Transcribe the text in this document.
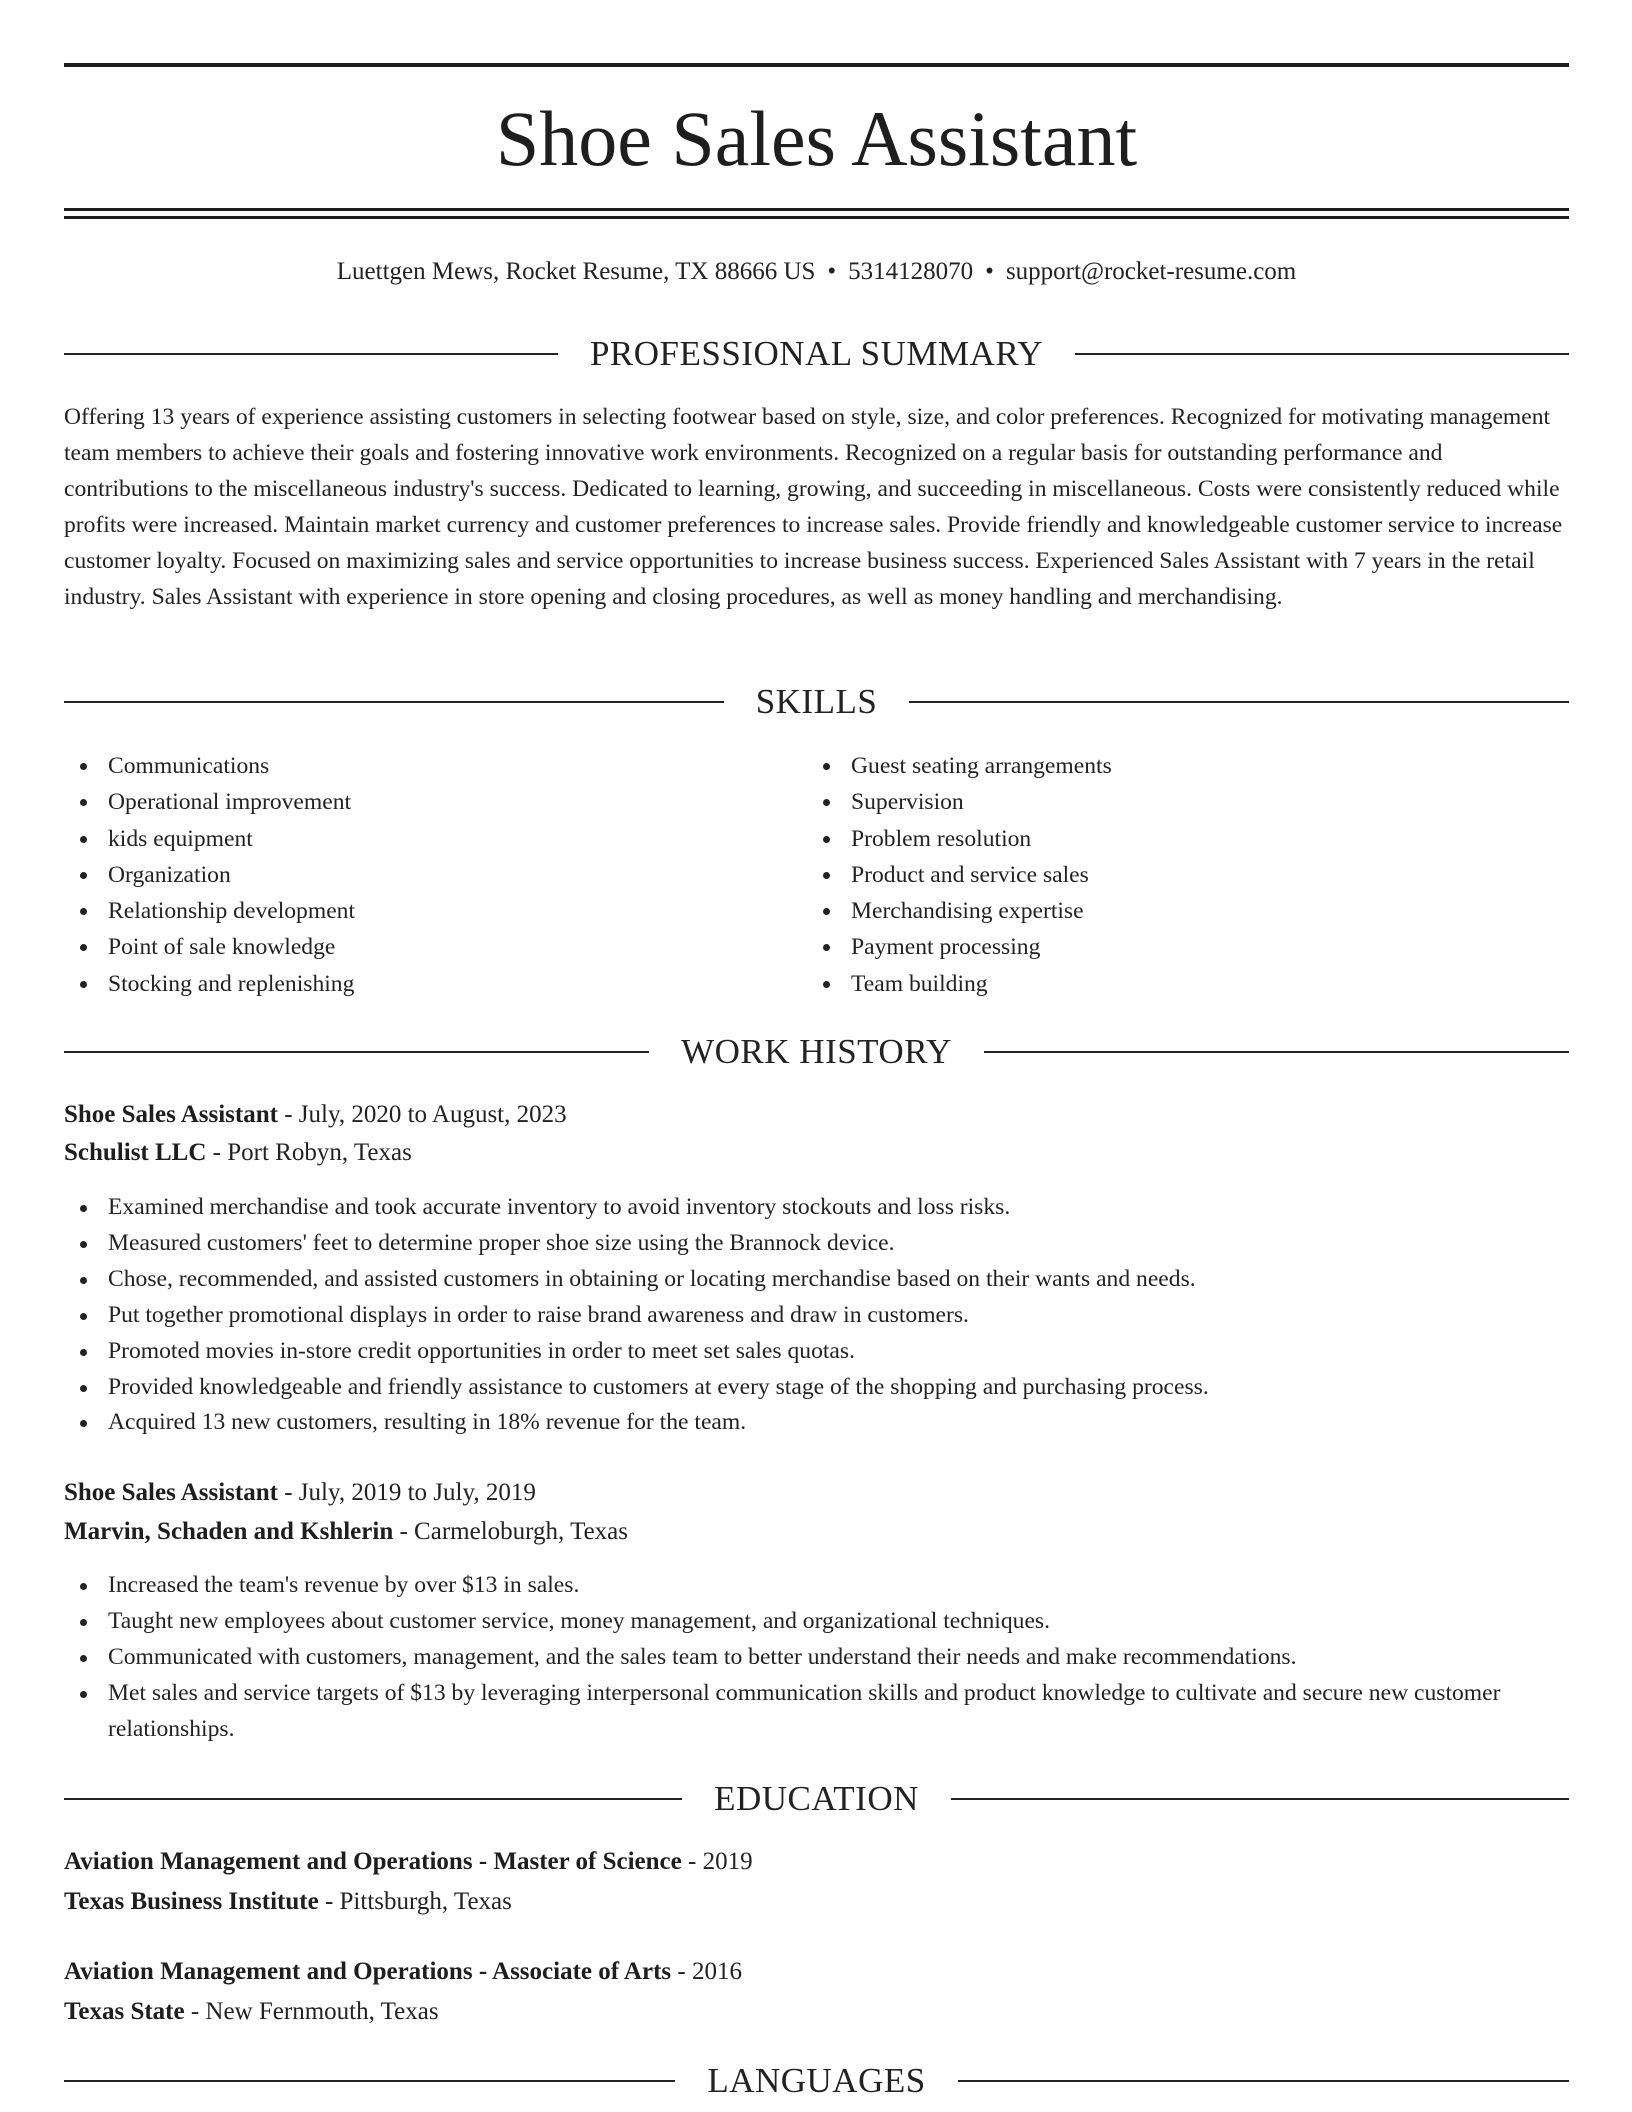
Shoe Sales Assistant
Luettgen Mews, Rocket Resume, TX 88666 US • 5314128070 • support@rocket-resume.com
PROFESSIONAL SUMMARY
Offering 13 years of experience assisting customers in selecting footwear based on style, size, and color preferences. Recognized for motivating management team members to achieve their goals and fostering innovative work environments. Recognized on a regular basis for outstanding performance and contributions to the miscellaneous industry's success. Dedicated to learning, growing, and succeeding in miscellaneous. Costs were consistently reduced while profits were increased. Maintain market currency and customer preferences to increase sales. Provide friendly and knowledgeable customer service to increase customer loyalty. Focused on maximizing sales and service opportunities to increase business success. Experienced Sales Assistant with 7 years in the retail industry. Sales Assistant with experience in store opening and closing procedures, as well as money handling and merchandising.
SKILLS
Communications
Operational improvement
kids equipment
Organization
Relationship development
Point of sale knowledge
Stocking and replenishing
Guest seating arrangements
Supervision
Problem resolution
Product and service sales
Merchandising expertise
Payment processing
Team building
WORK HISTORY
Shoe Sales Assistant - July, 2020 to August, 2023
Schulist LLC - Port Robyn, Texas
Examined merchandise and took accurate inventory to avoid inventory stockouts and loss risks.
Measured customers' feet to determine proper shoe size using the Brannock device.
Chose, recommended, and assisted customers in obtaining or locating merchandise based on their wants and needs.
Put together promotional displays in order to raise brand awareness and draw in customers.
Promoted movies in-store credit opportunities in order to meet set sales quotas.
Provided knowledgeable and friendly assistance to customers at every stage of the shopping and purchasing process.
Acquired 13 new customers, resulting in 18% revenue for the team.
Shoe Sales Assistant - July, 2019 to July, 2019
Marvin, Schaden and Kshlerin - Carmeloburgh, Texas
Increased the team's revenue by over $13 in sales.
Taught new employees about customer service, money management, and organizational techniques.
Communicated with customers, management, and the sales team to better understand their needs and make recommendations.
Met sales and service targets of $13 by leveraging interpersonal communication skills and product knowledge to cultivate and secure new customer relationships.
EDUCATION
Aviation Management and Operations - Master of Science - 2019
Texas Business Institute - Pittsburgh, Texas
Aviation Management and Operations - Associate of Arts - 2016
Texas State - New Fernmouth, Texas
LANGUAGES
